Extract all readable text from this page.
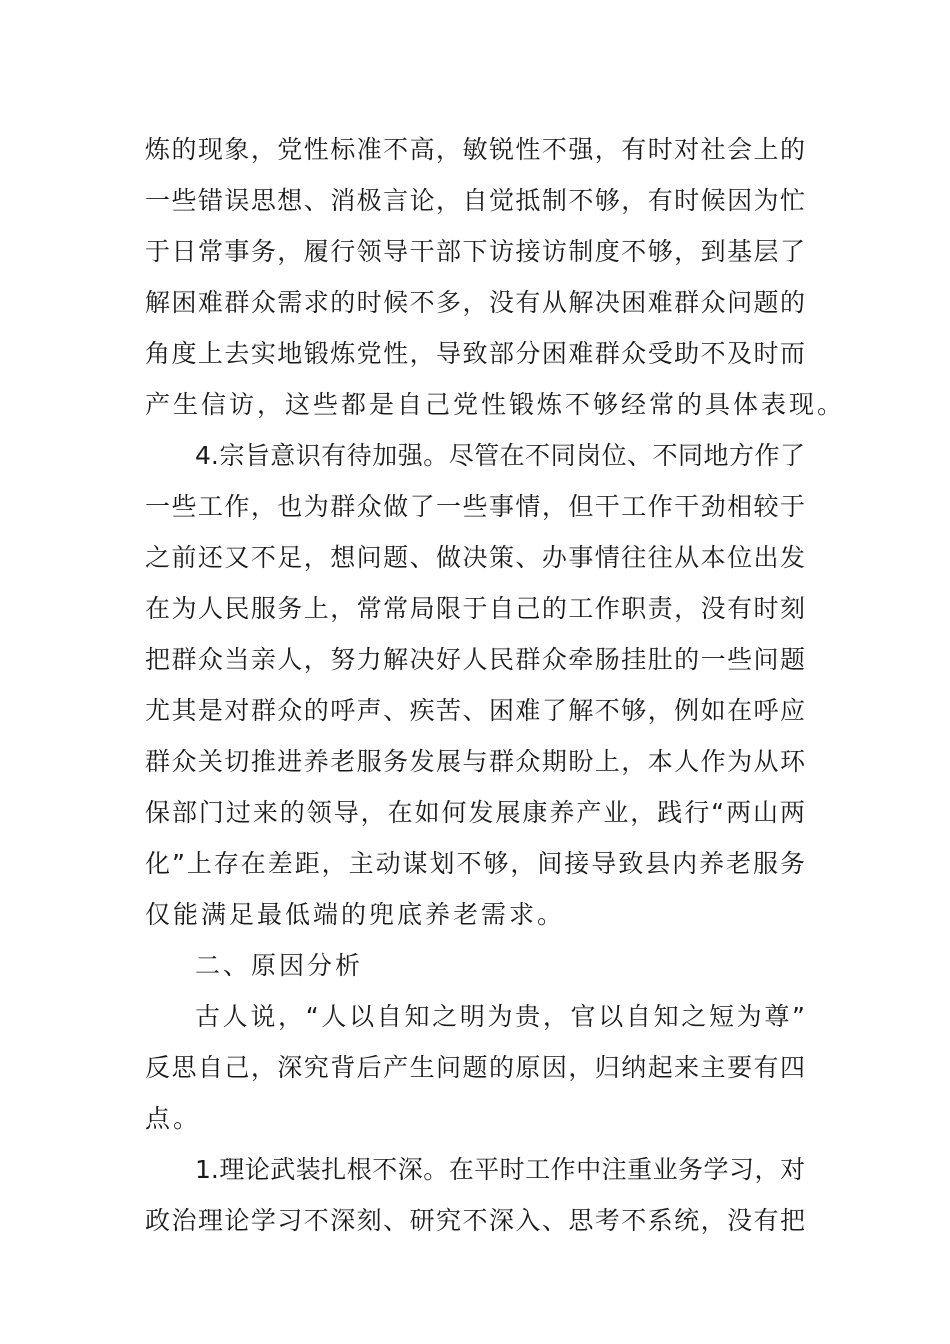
炼的现象，党性标准不高，敏锐性不强，有时对社会上的
一些错误思想、消极言论，自觉抵制不够，有时候因为忙
于日常事务，履行领导干部下访接访制度不够，到基层了
解困难群众需求的时候不多，没有从解决困难群众问题的
角度上去实地锻炼党性，导致部分困难群众受助不及时而
产生信访，这些都是自己党性锻炼不够经常的具体表现。
4.宗旨意识有待加强。尽管在不同岗位、不同地方作了
一些工作，也为群众做了一些事情，但干工作干劲相较于
之前还又不足，想问题、做决策、办事情往往从本位出发
在为人民服务上，常常局限于自己的工作职责，没有时刻
把群众当亲人，努力解决好人民群众牵肠挂肚的一些问题
尤其是对群众的呼声、疾苦、困难了解不够，例如在呼应
群众关切推进养老服务发展与群众期盼上，本人作为从环
保部门过来的领导，在如何发展康养产业，践行“两山两
化”上存在差距，主动谋划不够，间接导致县内养老服务
仅能满足最低端的兜底养老需求。
二、原因分析
古人说，“人以自知之明为贵，官以自知之短为尊”
反思自己，深究背后产生问题的原因，归纳起来主要有四
点。
1.理论武装扎根不深。在平时工作中注重业务学习，对
政治理论学习不深刻、研究不深入、思考不系统，没有把
